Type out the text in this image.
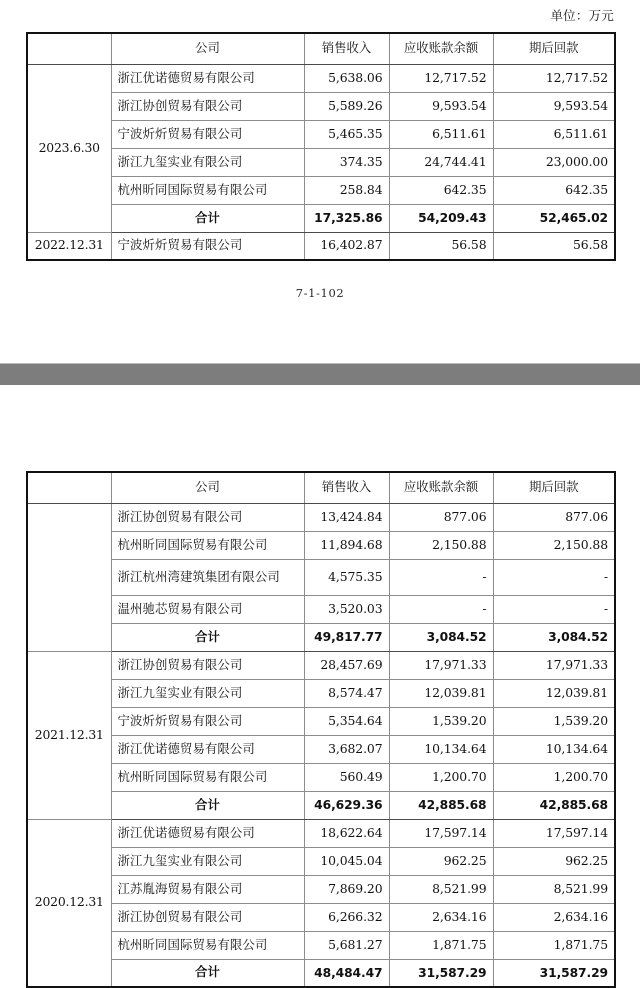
单位：万元
	公司	销售收入	应收账款余额	期后回款
2023.6.30	浙江优诺德贸易有限公司	5,638.06	12,717.52	12,717.52
	浙江协创贸易有限公司	5,589.26	9,593.54	9,593.54
	宁波炘炘贸易有限公司	5,465.35	6,511.61	6,511.61
	浙江九玺实业有限公司	374.35	24,744.41	23,000.00
	杭州昕同国际贸易有限公司	258.84	642.35	642.35
	合计	17,325.86	54,209.43	52,465.02
2022.12.31	宁波炘炘贸易有限公司	16,402.87	56.58	56.58
7-1-102
	公司	销售收入	应收账款余额	期后回款
	浙江协创贸易有限公司	13,424.84	877.06	877.06
	杭州昕同国际贸易有限公司	11,894.68	2,150.88	2,150.88
	浙江杭州湾建筑集团有限公司	4,575.35	-	-
	温州驰芯贸易有限公司	3,520.03	-	-
	合计	49,817.77	3,084.52	3,084.52
2021.12.31	浙江协创贸易有限公司	28,457.69	17,971.33	17,971.33
	浙江九玺实业有限公司	8,574.47	12,039.81	12,039.81
	宁波炘炘贸易有限公司	5,354.64	1,539.20	1,539.20
	浙江优诺德贸易有限公司	3,682.07	10,134.64	10,134.64
	杭州昕同国际贸易有限公司	560.49	1,200.70	1,200.70
	合计	46,629.36	42,885.68	42,885.68
2020.12.31	浙江优诺德贸易有限公司	18,622.64	17,597.14	17,597.14
	浙江九玺实业有限公司	10,045.04	962.25	962.25
	江苏胤海贸易有限公司	7,869.20	8,521.99	8,521.99
	浙江协创贸易有限公司	6,266.32	2,634.16	2,634.16
	杭州昕同国际贸易有限公司	5,681.27	1,871.75	1,871.75
	合计	48,484.47	31,587.29	31,587.29
